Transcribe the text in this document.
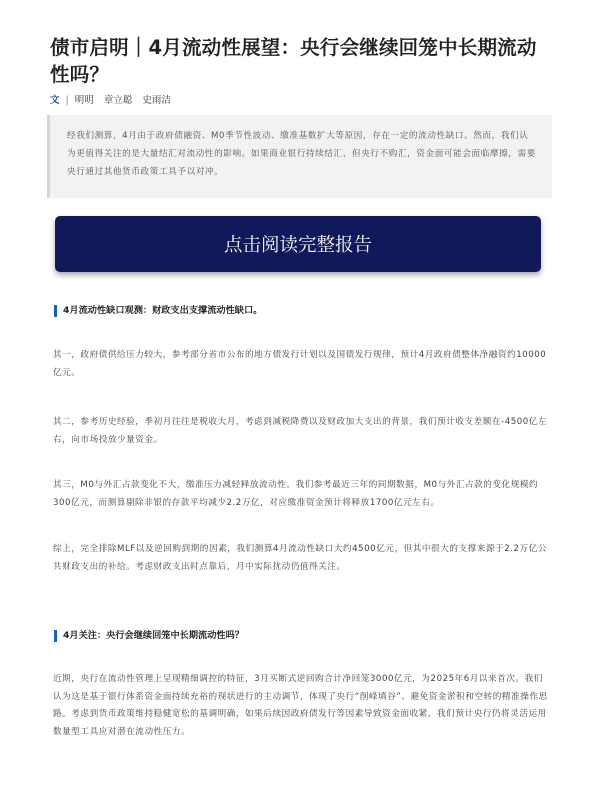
债市启明｜4月流动性展望：央行会继续回笼中长期流动性吗？
文 | 明明 章立聪 史雨洁
经我们测算，4月由于政府债融资、M0季节性波动、缴准基数扩大等原因，存在一定的流动性缺口。然而，我们认为更值得关注的是大量结汇对流动性的影响。如果商业银行持续结汇，但央行不购汇，资金面可能会面临摩擦，需要央行通过其他货币政策工具予以对冲。
点击阅读完整报告
4月流动性缺口观测：财政支出支撑流动性缺口。
其一，政府债供给压力较大，参考部分省市公布的地方债发行计划以及国债发行规律，预计4月政府债整体净融资约10000亿元。
其二，参考历史经验，季初月往往是税收大月，考虑到减税降费以及财政加大支出的背景，我们预计收支差额在-4500亿左右，向市场投放少量资金。
其三，M0与外汇占款变化不大，缴准压力减轻释放流动性。我们参考最近三年的同期数据，M0与外汇占款的变化规模约300亿元，而测算剔除非银的存款平均减少2.2万亿，对应缴准资金预计将释放1700亿元左右。
综上，完全排除MLF以及逆回购到期的因素，我们测算4月流动性缺口大约4500亿元，但其中很大的支撑来源于2.2万亿公共财政支出的补给。考虑财政支出时点靠后，月中实际扰动仍值得关注。
4月关注：央行会继续回笼中长期流动性吗？
近期，央行在流动性管理上呈现精细调控的特征，3月买断式逆回购合计净回笼3000亿元，为2025年6月以来首次。我们认为这是基于银行体系资金面持续充裕的现状进行的主动调节，体现了央行“削峰填谷”、避免资金淤积和空转的精准操作思路。考虑到货币政策维持稳健宽松的基调明确，如果后续因政府债发行等因素导致资金面收紧，我们预计央行仍将灵活运用数量型工具应对潜在流动性压力。
